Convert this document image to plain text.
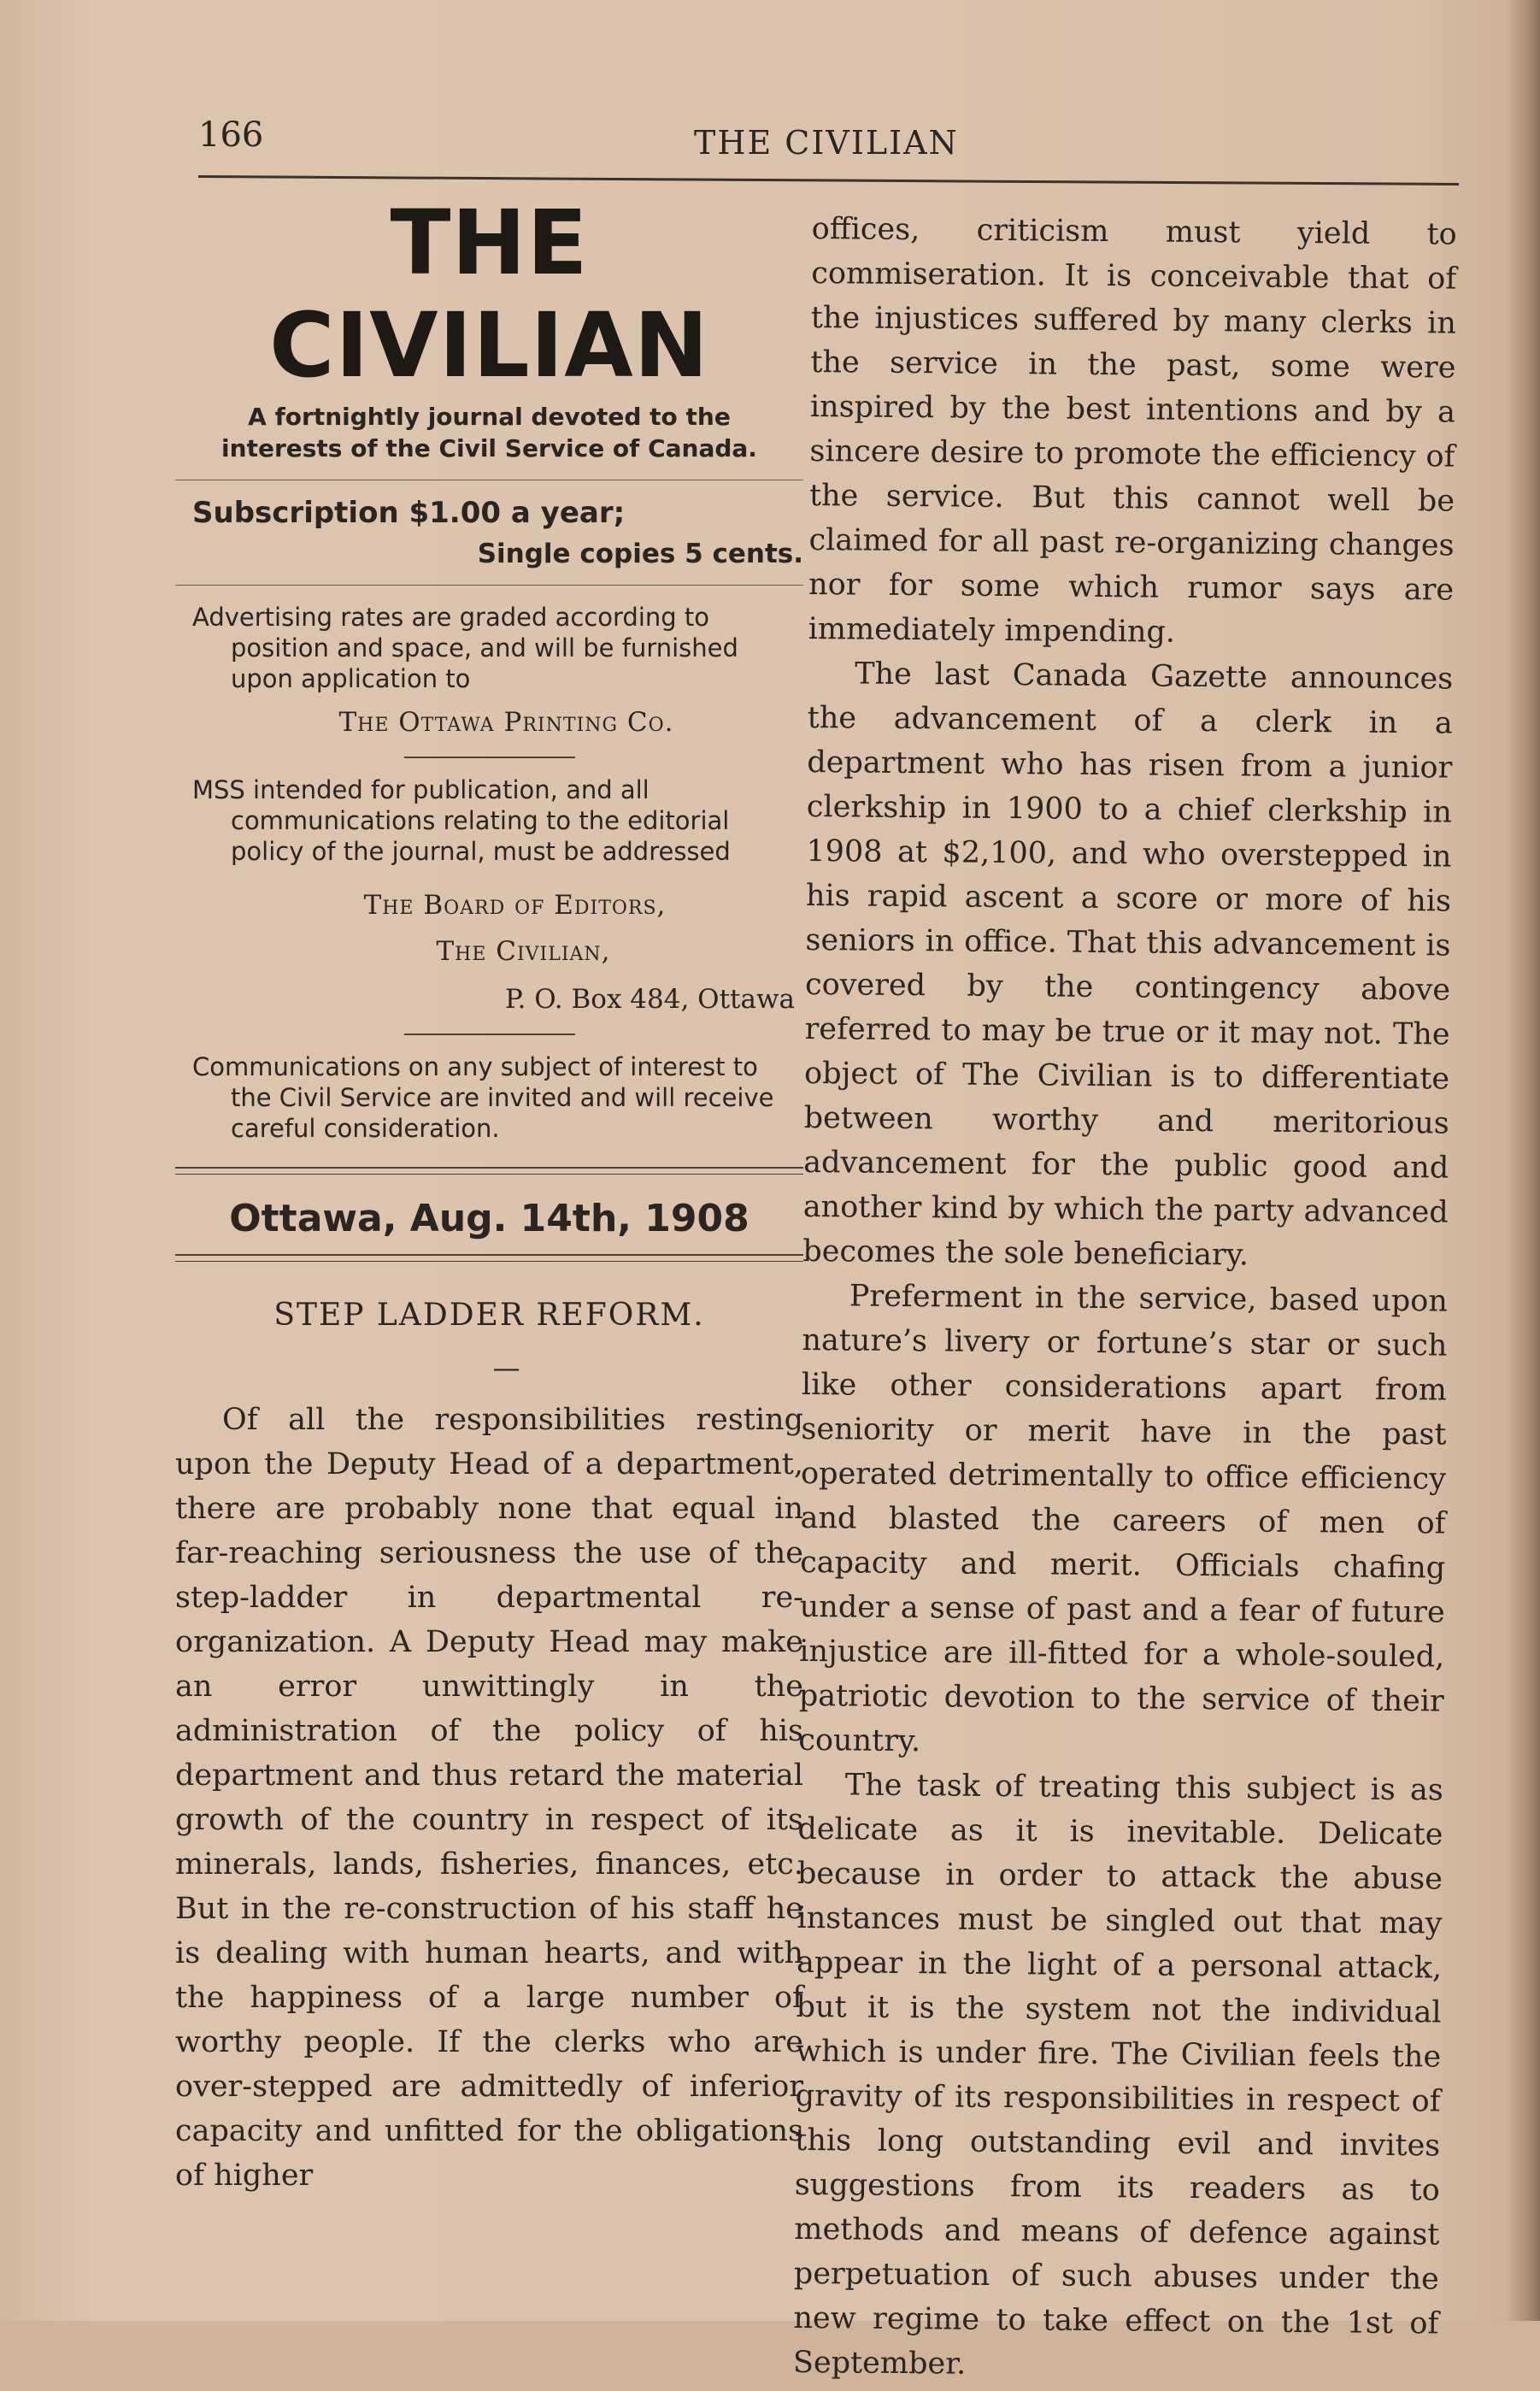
166	THE CIVILIAN
THE CIVILIAN

A fortnightly journal devoted to the interests of the Civil Service of Canada.

Subscription $1.00 a year;
Single copies 5 cents.

Advertising rates are graded according to position and space, and will be furnished upon application to

The Ottawa Printing Co.

MSS intended for publication, and all communications relating to the editorial policy of the journal, must be addressed

The Board of Editors,
The Civilian,
P. O. Box 484, Ottawa

Communications on any subject of interest to the Civil Service are invited and will receive careful consideration.

Ottawa, Aug. 14th, 1908
STEP LADDER REFORM.
—

Of all the responsibilities resting upon the Deputy Head of a department, there are probably none that equal in far-reaching seriousness the use of the step-ladder in departmental re-organization. A Deputy Head may make an error unwittingly in the administration of the policy of his department and thus retard the material growth of the country in respect of its minerals, lands, fisheries, finances, etc. But in the re-construction of his staff he is dealing with human hearts, and with the happiness of a large number of worthy people. If the clerks who are over-stepped are admittedly of inferior capacity and unfitted for the obligations of higher

offices, criticism must yield to commiseration. It is conceivable that of the injustices suffered by many clerks in the service in the past, some were inspired by the best intentions and by a sincere desire to promote the efficiency of the service. But this cannot well be claimed for all past re-organizing changes nor for some which rumor says are immediately impending.

The last Canada Gazette announces the advancement of a clerk in a department who has risen from a junior clerkship in 1900 to a chief clerkship in 1908 at $2,100, and who overstepped in his rapid ascent a score or more of his seniors in office. That this advancement is covered by the contingency above referred to may be true or it may not. The object of The Civilian is to differentiate between worthy and meritorious advancement for the public good and another kind by which the party advanced becomes the sole beneficiary.

Preferment in the service, based upon nature’s livery or fortune’s star or such like other considerations apart from seniority or merit have in the past operated detrimentally to office efficiency and blasted the careers of men of capacity and merit. Officials chafing under a sense of past and a fear of future injustice are ill-fitted for a whole-souled, patriotic devotion to the service of their country.

The task of treating this subject is as delicate as it is inevitable. Delicate because in order to attack the abuse instances must be singled out that may appear in the light of a personal attack, but it is the system not the individual which is under fire. The Civilian feels the gravity of its responsibilities in respect of this long outstanding evil and invites suggestions from its readers as to methods and means of defence against perpetuation of such abuses under the new regime to take effect on the 1st of September.
